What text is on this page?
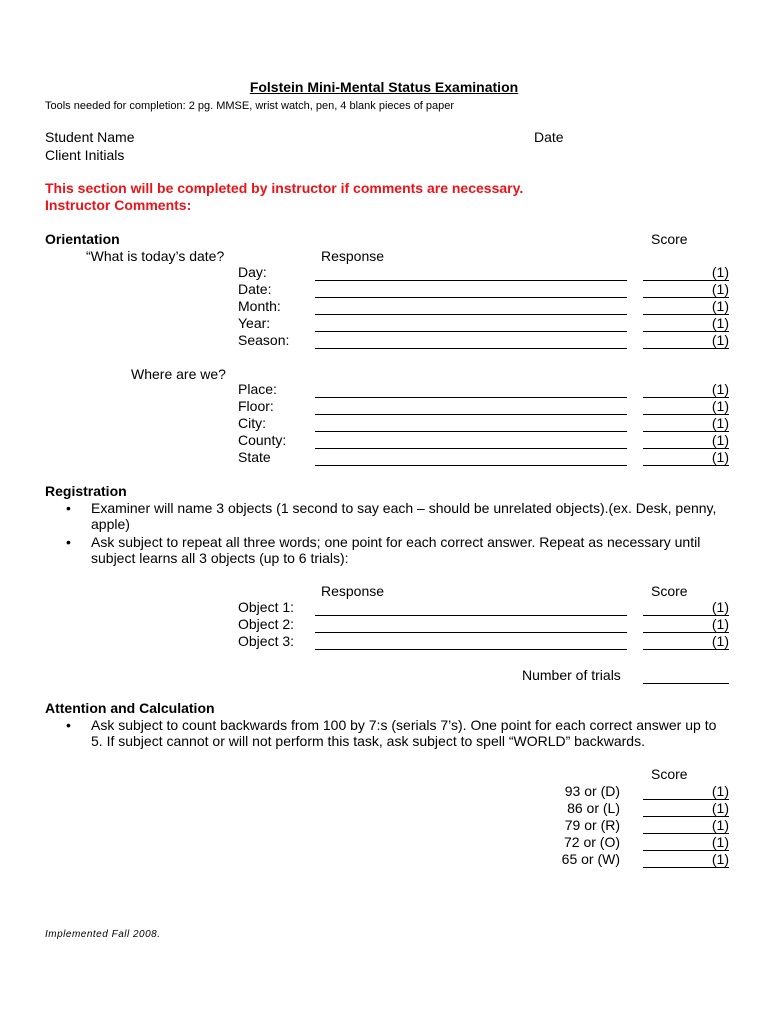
Folstein Mini-Mental Status Examination
Tools needed for completion: 2 pg. MMSE, wrist watch, pen, 4 blank pieces of paper
Student Name	Date
Client Initials
This section will be completed by instructor if comments are necessary.
Instructor Comments:
Orientation	Score
“What is today’s date?	Response
Day:	(1)
Date:	(1)
Month:	(1)
Year:	(1)
Season:	(1)
Where are we?
Place:	(1)
Floor:	(1)
City:	(1)
County:	(1)
State	(1)
Registration
• Examiner will name 3 objects (1 second to say each – should be unrelated objects).(ex. Desk, penny, apple)
• Ask subject to repeat all three words; one point for each correct answer. Repeat as necessary until subject learns all 3 objects (up to 6 trials):
Response	Score
Object 1:	(1)
Object 2:	(1)
Object 3:	(1)
Number of trials
Attention and Calculation
• Ask subject to count backwards from 100 by 7:s (serials 7’s). One point for each correct answer up to 5. If subject cannot or will not perform this task, ask subject to spell “WORLD” backwards.
Score
93 or (D)	(1)
86 or (L)	(1)
79 or (R)	(1)
72 or (O)	(1)
65 or (W)	(1)
Implemented Fall 2008.
